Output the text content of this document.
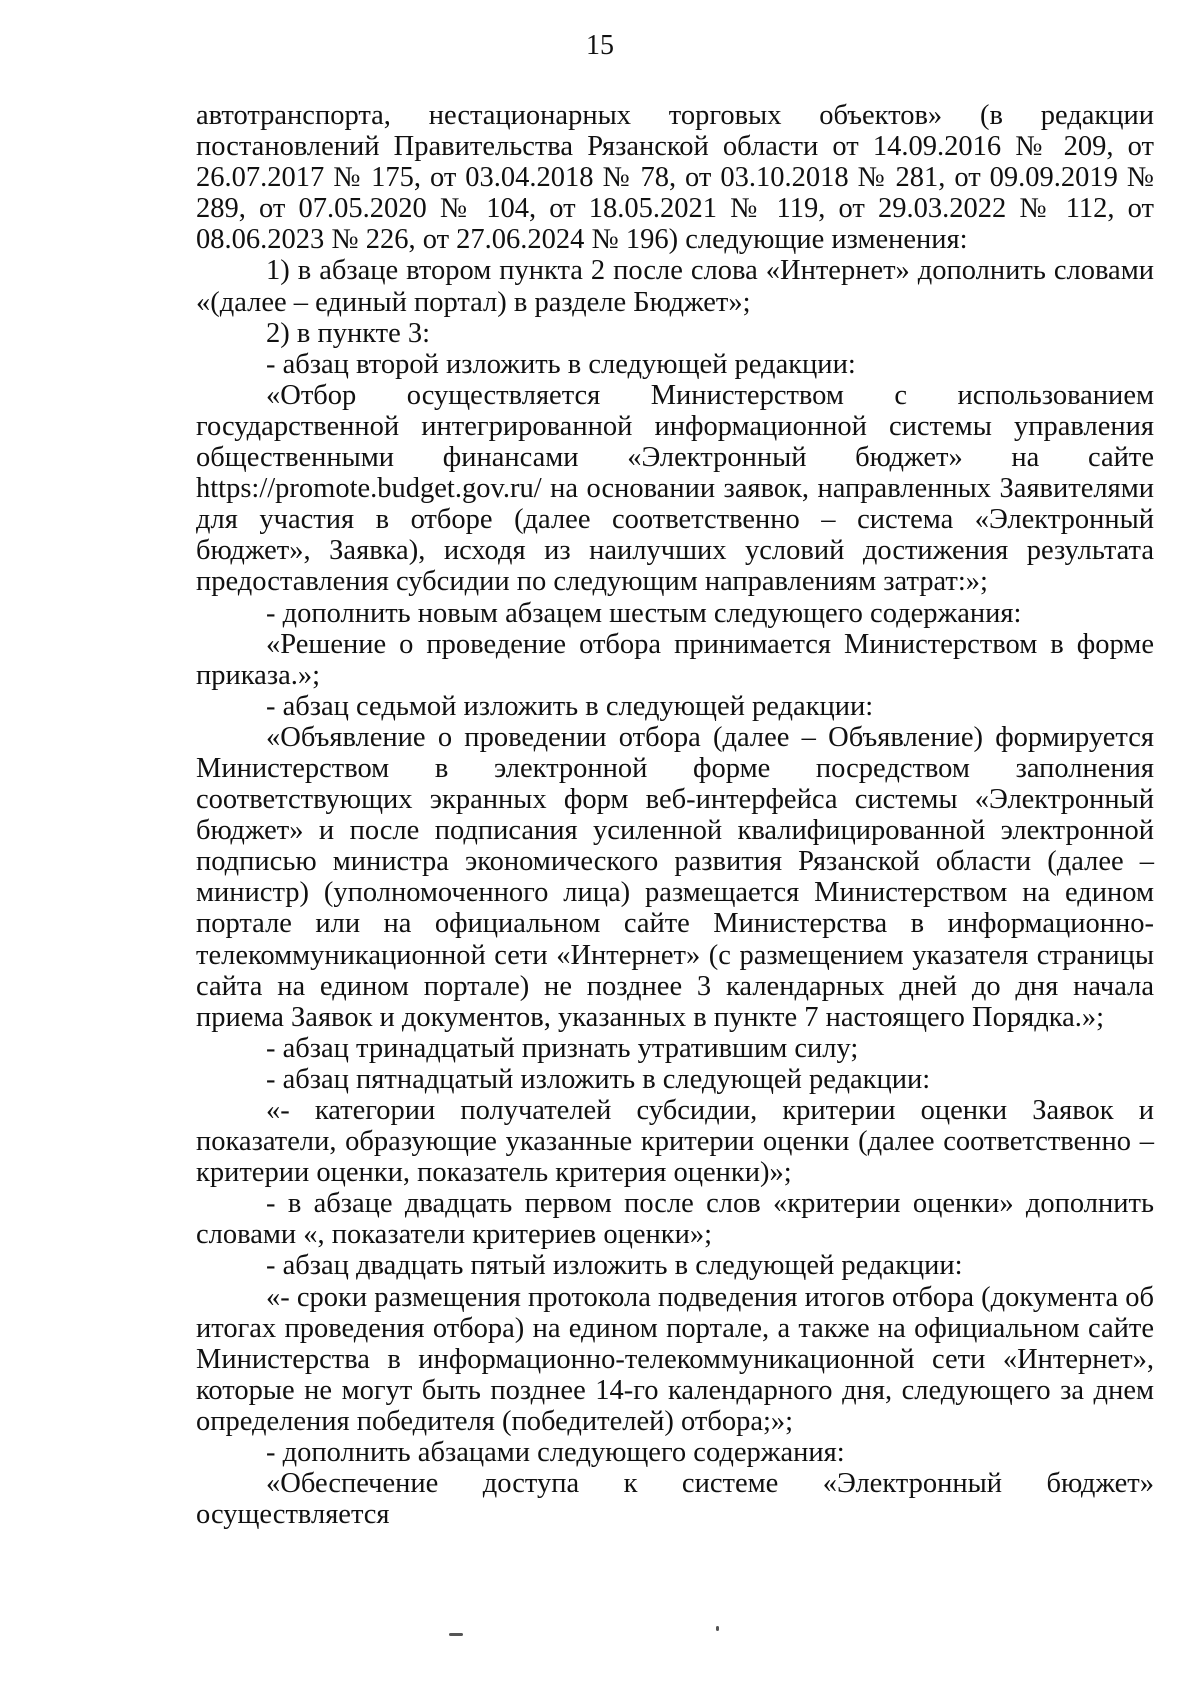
15

автотранспорта, нестационарных торговых объектов» (в редакции постановлений Правительства Рязанской области от 14.09.2016 № 209, от 26.07.2017 № 175, от 03.04.2018 № 78, от 03.10.2018 № 281, от 09.09.2019 № 289, от 07.05.2020 № 104, от 18.05.2021 № 119, от 29.03.2022 № 112, от 08.06.2023 № 226, от 27.06.2024 № 196) следующие изменения:

1) в абзаце втором пункта 2 после слова «Интернет» дополнить словами «(далее – единый портал) в разделе Бюджет»;

2) в пункте 3:

- абзац второй изложить в следующей редакции:

«Отбор осуществляется Министерством с использованием государственной интегрированной информационной системы управления общественными финансами «Электронный бюджет» на сайте https://promote.budget.gov.ru/ на основании заявок, направленных Заявителями для участия в отборе (далее соответственно – система «Электронный бюджет», Заявка), исходя из наилучших условий достижения результата предоставления субсидии по следующим направлениям затрат:»;

- дополнить новым абзацем шестым следующего содержания:

«Решение о проведение отбора принимается Министерством в форме приказа.»;

- абзац седьмой изложить в следующей редакции:

«Объявление о проведении отбора (далее – Объявление) формируется Министерством в электронной форме посредством заполнения соответствующих экранных форм веб-интерфейса системы «Электронный бюджет» и после подписания усиленной квалифицированной электронной подписью министра экономического развития Рязанской области (далее – министр) (уполномоченного лица) размещается Министерством на едином портале или на официальном сайте Министерства в информационно-телекоммуникационной сети «Интернет» (с размещением указателя страницы сайта на едином портале) не позднее 3 календарных дней до дня начала приема Заявок и документов, указанных в пункте 7 настоящего Порядка.»;

- абзац тринадцатый признать утратившим силу;

- абзац пятнадцатый изложить в следующей редакции:

«- категории получателей субсидии, критерии оценки Заявок и показатели, образующие указанные критерии оценки (далее соответственно – критерии оценки, показатель критерия оценки)»;

- в абзаце двадцать первом после слов «критерии оценки» дополнить словами «, показатели критериев оценки»;

- абзац двадцать пятый изложить в следующей редакции:

«- сроки размещения протокола подведения итогов отбора (документа об итогах проведения отбора) на едином портале, а также на официальном сайте Министерства в информационно-телекоммуникационной сети «Интернет», которые не могут быть позднее 14-го календарного дня, следующего за днем определения победителя (победителей) отбора;»;

- дополнить абзацами следующего содержания:

«Обеспечение доступа к системе «Электронный бюджет» осуществляется
